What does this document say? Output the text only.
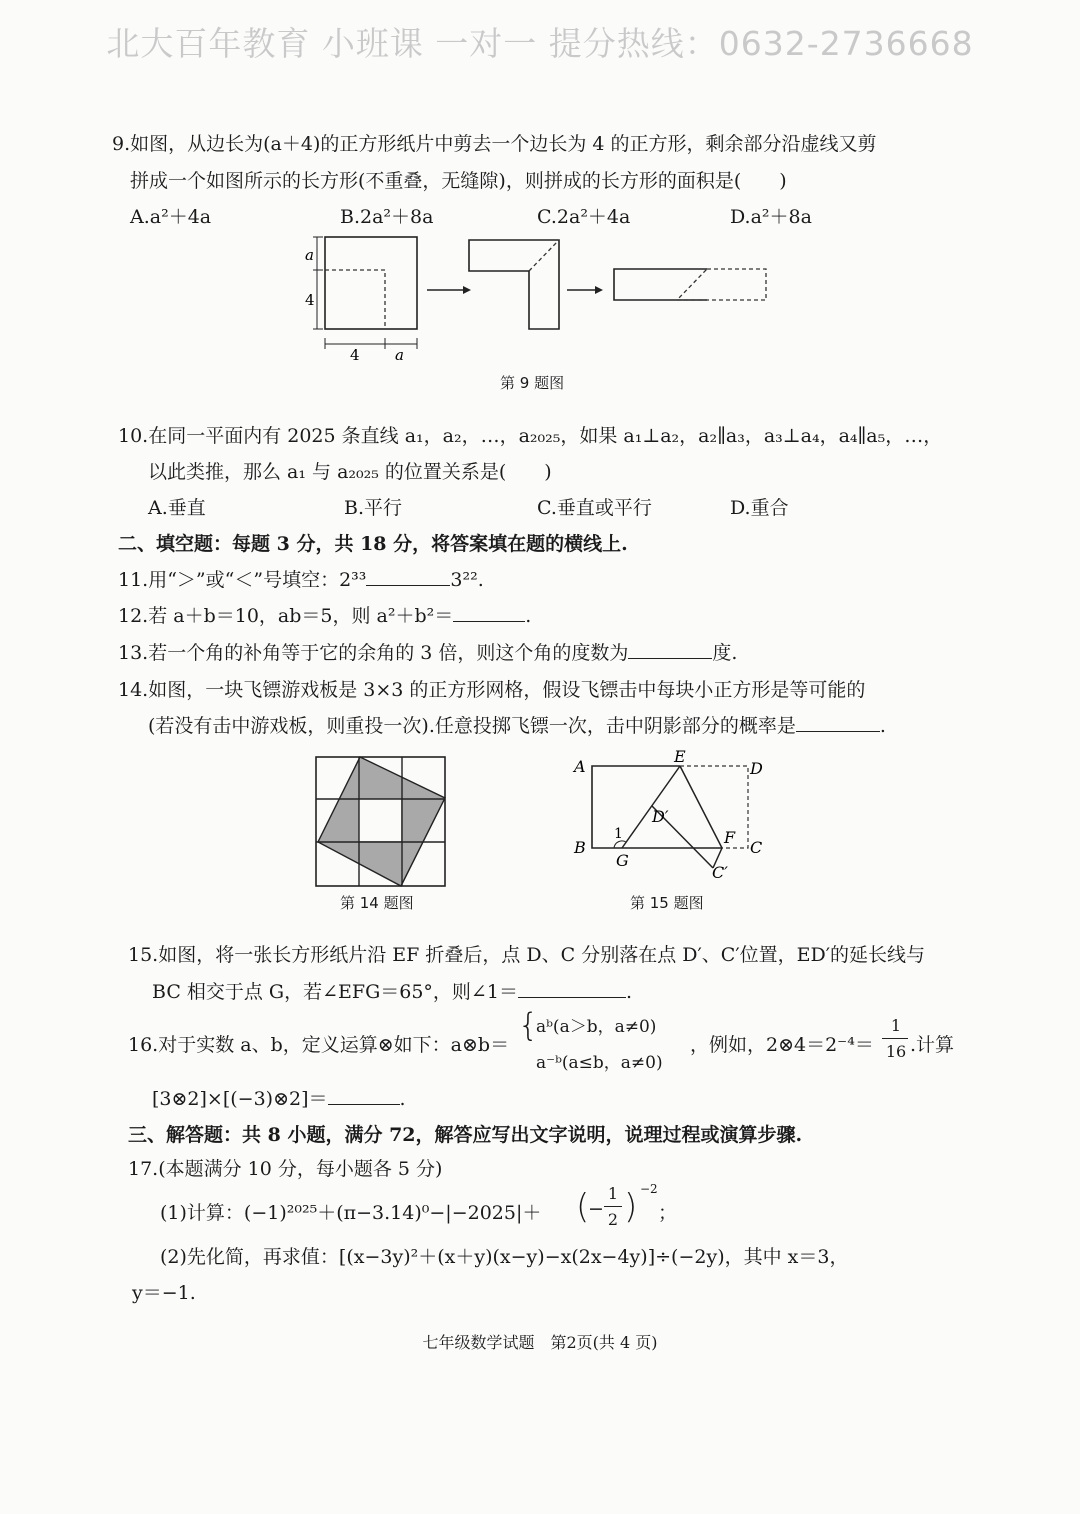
北大百年教育 小班课 一对一 提分热线：0632-2736668
9.如图，从边长为(a＋4)的正方形纸片中剪去一个边长为 4 的正方形，剩余部分沿虚线又剪
拼成一个如图所示的长方形(不重叠，无缝隙)，则拼成的长方形的面积是(　　)
A.a²＋4a	B.2a²＋8a	C.2a²＋4a	D.a²＋8a
a
4
4 a
第 9 题图
10.在同一平面内有 2025 条直线 a₁，a₂，…，a₂₀₂₅，如果 a₁⊥a₂，a₂∥a₃，a₃⊥a₄，a₄∥a₅，…，
以此类推，那么 a₁ 与 a₂₀₂₅ 的位置关系是(　　)
A.垂直	B.平行	C.垂直或平行	D.重合
二、填空题：每题 3 分，共 18 分，将答案填在题的横线上.
11.用“＞”或“＜”号填空：2³³	3²².
12.若 a＋b＝10，ab＝5，则 a²＋b²＝	.
13.若一个角的补角等于它的余角的 3 倍，则这个角的度数为	度.
14.如图，一块飞镖游戏板是 3×3 的正方形网格，假设飞镖击中每块小正方形是等可能的
(若没有击中游戏板，则重投一次).任意投掷飞镖一次，击中阴影部分的概率是	.
第 14 题图
A
E
D
D′
B
1
G
F
C
C′
第 15 题图
15.如图，将一张长方形纸片沿 EF 折叠后，点 D、C 分别落在点 D′、C′位置，ED′的延长线与
BC 相交于点 G，若∠EFG＝65°，则∠1＝	.
16.对于实数 a、b，定义运算⊗如下：a⊗b＝
{
aᵇ(a＞b，a≠0)
a⁻ᵇ(a≤b，a≠0)
，例如，2⊗4＝2⁻⁴＝
1
16 .计算
[3⊗2]×[(−3)⊗2]＝	.
三、解答题：共 8 小题，满分 72，解答应写出文字说明，说理过程或演算步骤.
17.(本题满分 10 分，每小题各 5 分)
(1)计算：(−1)²⁰²⁵＋(π−3.14)⁰−|−2025|＋ (
−
1
2 ) −2
；
(2)先化简，再求值：[(x−3y)²＋(x＋y)(x−y)−x(2x−4y)]÷(−2y)，其中 x＝3，
y＝−1.
七年级数学试题　第2页(共 4 页)
